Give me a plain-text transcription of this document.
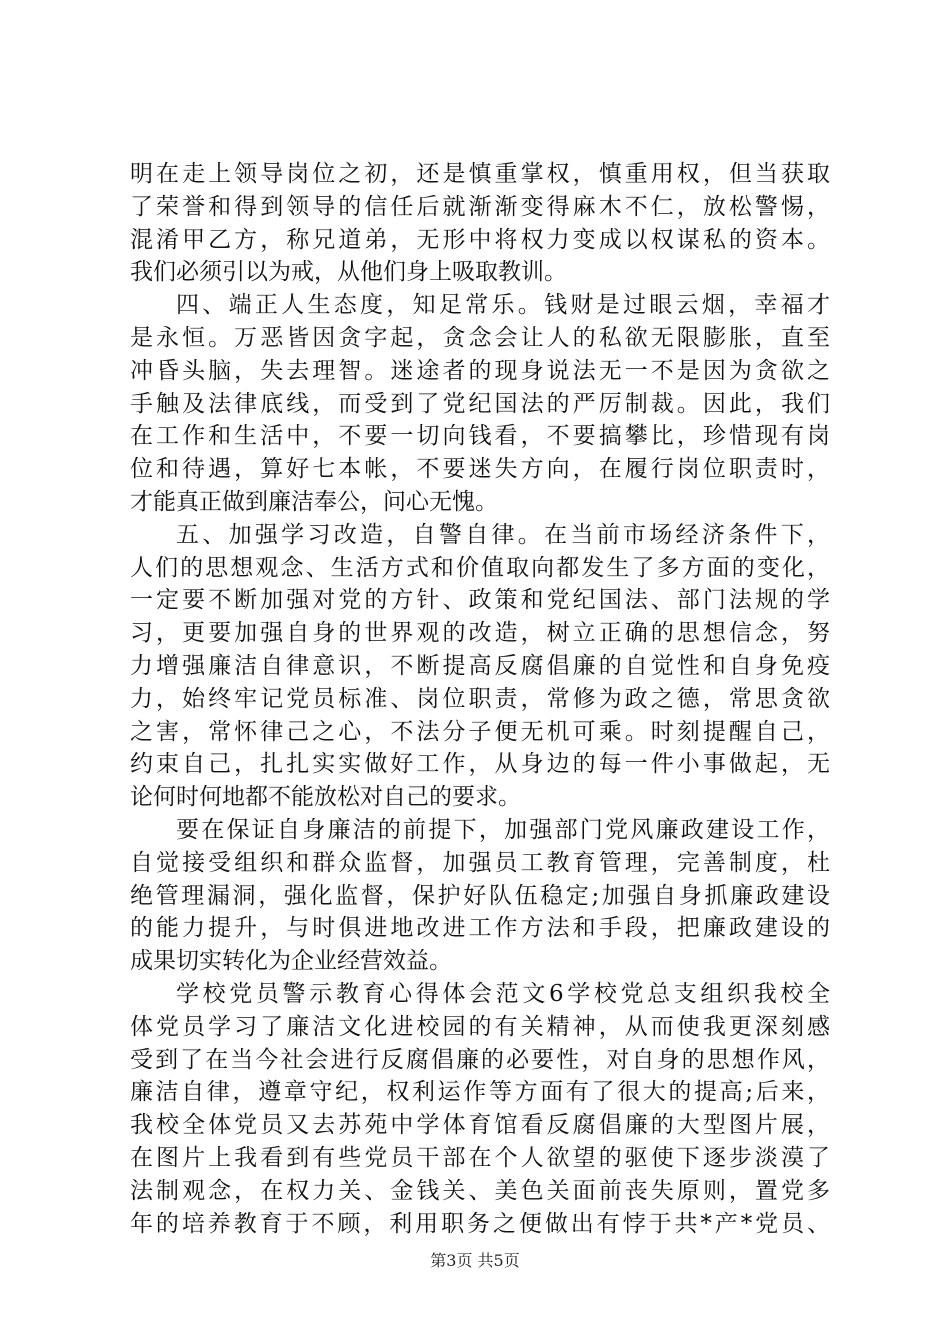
明在走上领导岗位之初，还是慎重掌权，慎重用权，但当获取
了荣誉和得到领导的信任后就渐渐变得麻木不仁，放松警惕，
混淆甲乙方，称兄道弟，无形中将权力变成以权谋私的资本。
我们必须引以为戒，从他们身上吸取教训。
四、端正人生态度，知足常乐。钱财是过眼云烟，幸福才
是永恒。万恶皆因贪字起，贪念会让人的私欲无限膨胀，直至
冲昏头脑，失去理智。迷途者的现身说法无一不是因为贪欲之
手触及法律底线，而受到了党纪国法的严厉制裁。因此，我们
在工作和生活中，不要一切向钱看，不要搞攀比，珍惜现有岗
位和待遇，算好七本帐，不要迷失方向，在履行岗位职责时，
才能真正做到廉洁奉公，问心无愧。
五、加强学习改造，自警自律。在当前市场经济条件下，
人们的思想观念、生活方式和价值取向都发生了多方面的变化，
一定要不断加强对党的方针、政策和党纪国法、部门法规的学
习，更要加强自身的世界观的改造，树立正确的思想信念，努
力增强廉洁自律意识，不断提高反腐倡廉的自觉性和自身免疫
力，始终牢记党员标准、岗位职责，常修为政之德，常思贪欲
之害，常怀律己之心，不法分子便无机可乘。时刻提醒自己，
约束自己，扎扎实实做好工作，从身边的每一件小事做起，无
论何时何地都不能放松对自己的要求。
要在保证自身廉洁的前提下，加强部门党风廉政建设工作，
自觉接受组织和群众监督，加强员工教育管理，完善制度，杜
绝管理漏洞，强化监督，保护好队伍稳定;加强自身抓廉政建设
的能力提升，与时俱进地改进工作方法和手段，把廉政建设的
成果切实转化为企业经营效益。
学校党员警示教育心得体会范文6学校党总支组织我校全
体党员学习了廉洁文化进校园的有关精神，从而使我更深刻感
受到了在当今社会进行反腐倡廉的必要性，对自身的思想作风，
廉洁自律，遵章守纪，权利运作等方面有了很大的提高;后来，
我校全体党员又去苏苑中学体育馆看反腐倡廉的大型图片展，
在图片上我看到有些党员干部在个人欲望的驱使下逐步淡漠了
法制观念，在权力关、金钱关、美色关面前丧失原则，置党多
年的培养教育于不顾，利用职务之便做出有悖于共*产*党员、
第3页 共5页
